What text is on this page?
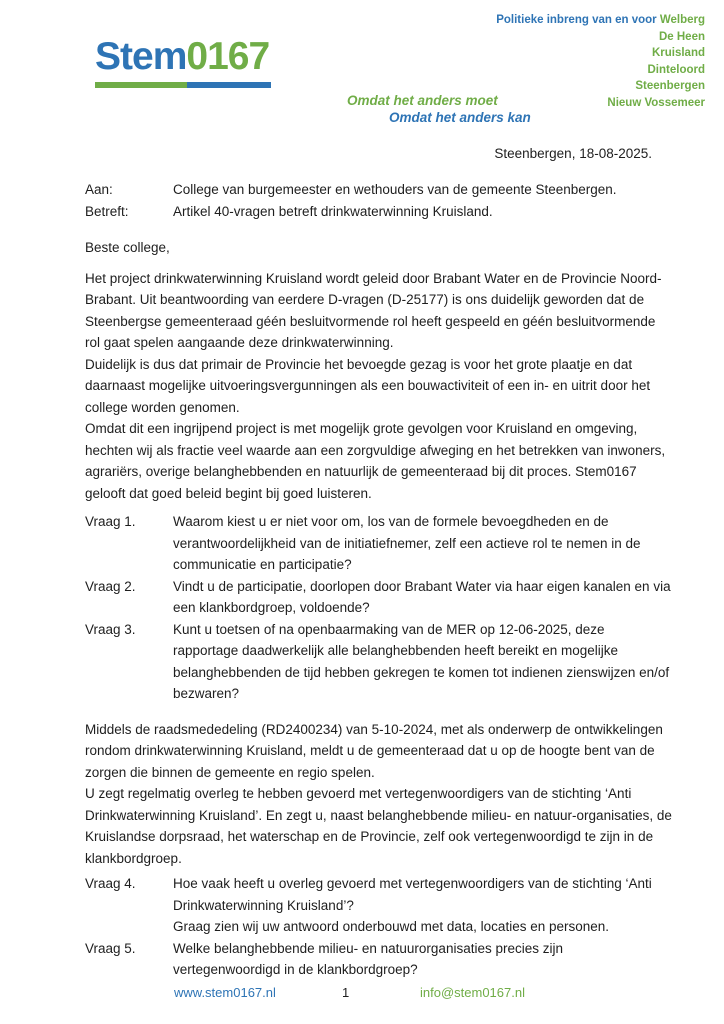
Stem0167
Politieke inbreng van en voor Welberg
De Heen
Kruisland
Dinteloord
Steenbergen
Nieuw Vossemeer
Omdat het anders moet
Omdat het anders kan
Steenbergen, 18-08-2025.
Aan:	College van burgemeester en wethouders van de gemeente Steenbergen.
Betreft:	Artikel 40-vragen betreft drinkwaterwinning Kruisland.
Beste college,

Het project drinkwaterwinning Kruisland wordt geleid door Brabant Water en de Provincie Noord-Brabant. Uit beantwoording van eerdere D-vragen (D-25177) is ons duidelijk geworden dat de Steenbergse gemeenteraad géén besluitvormende rol heeft gespeeld en géén besluitvormende rol gaat spelen aangaande deze drinkwaterwinning.

Duidelijk is dus dat primair de Provincie het bevoegde gezag is voor het grote plaatje en dat daarnaast mogelijke uitvoeringsvergunningen als een bouwactiviteit of een in- en uitrit door het college worden genomen.

Omdat dit een ingrijpend project is met mogelijk grote gevolgen voor Kruisland en omgeving, hechten wij als fractie veel waarde aan een zorgvuldige afweging en het betrekken van inwoners, agrariërs, overige belanghebbenden en natuurlijk de gemeenteraad bij dit proces. Stem0167 gelooft dat goed beleid begint bij goed luisteren.

Vraag 1.	Waarom kiest u er niet voor om, los van de formele bevoegdheden en de verantwoordelijkheid van de initiatiefnemer, zelf een actieve rol te nemen in de communicatie en participatie?
Vraag 2.	Vindt u de participatie, doorlopen door Brabant Water via haar eigen kanalen en via een klankbordgroep, voldoende?
Vraag 3.	Kunt u toetsen of na openbaarmaking van de MER op 12-06-2025, deze rapportage daadwerkelijk alle belanghebbenden heeft bereikt en mogelijke belanghebbenden de tijd hebben gekregen te komen tot indienen zienswijzen en/of bezwaren?

Middels de raadsmededeling (RD2400234) van 5-10-2024, met als onderwerp de ontwikkelingen rondom drinkwaterwinning Kruisland, meldt u de gemeenteraad dat u op de hoogte bent van de zorgen die binnen de gemeente en regio spelen.

U zegt regelmatig overleg te hebben gevoerd met vertegenwoordigers van de stichting ‘Anti Drinkwaterwinning Kruisland’. En zegt u, naast belanghebbende milieu- en natuur-organisaties, de Kruislandse dorpsraad, het waterschap en de Provincie, zelf ook vertegenwoordigd te zijn in de klankbordgroep.

Vraag 4.	Hoe vaak heeft u overleg gevoerd met vertegenwoordigers van de stichting ‘Anti Drinkwaterwinning Kruisland’?
Graag zien wij uw antwoord onderbouwd met data, locaties en personen.
Vraag 5.	Welke belanghebbende milieu- en natuurorganisaties precies zijn vertegenwoordigd in de klankbordgroep?
www.stem0167.nl	1	info@stem0167.nl
